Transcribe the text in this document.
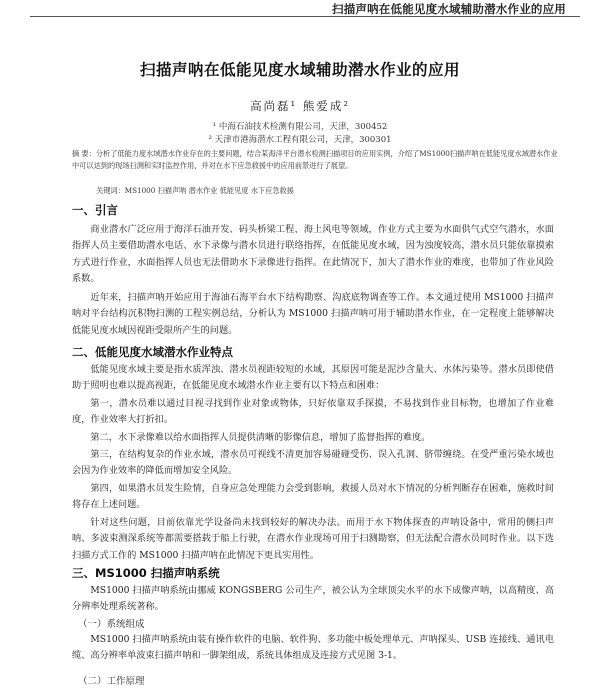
扫描声呐在低能见度水域辅助潜水作业的应用
扫描声呐在低能见度水域辅助潜水作业的应用
高尚磊¹ 熊爱成²
¹ 中海石油技术检测有限公司，天津，300452
² 天津市港海潜水工程有限公司，天津，300301
摘 要：分析了低能力度水域潜水作业存在的主要问题，结合某海洋平台潜水检测扫描项目的应用实例，介绍了MS1000扫描声呐在低能见度水域潜水作业中可以达到的现场扫测和实时监控作用，并对在水下应急救援中的应用前景进行了展望。
关键词：MS1000 扫描声呐 潜水作业 低能见度 水下应急救援
一、引言

商业潜水广泛应用于海洋石油开发、码头桥梁工程、海上风电等领域，作业方式主要为水面供气式空气潜水，水面指挥人员主要借助潜水电话、水下录像与潜水员进行联络指挥，在低能见度水域，因为浊度较高，潜水员只能依靠摸索方式进行作业，水面指挥人员也无法借助水下录像进行指挥。在此情况下，加大了潜水作业的难度，也带加了作业风险系数。

近年来，扫描声呐开始应用于海油石海平台水下结构勘察、沟底底物调查等工作。本文通过使用 MS1000 扫描声呐对平台结构沉积物扫测的工程实例总结，分析认为 MS1000 扫描声呐可用于辅助潜水作业，在一定程度上能够解决低能见度水域因视距受限所产生的问题。

二、低能见度水域潜水作业特点

低能见度水域主要是指水质浑浊、潜水员视距较短的水域，其原因可能是泥沙含量大、水体污染等。潜水员即使借助于照明也难以提高视距，在低能见度水域潜水作业主要有以下特点和困难：

第一，潜水员难以通过目视寻找到作业对象或物体，只好依靠双手探摸，不易找到作业目标物，也增加了作业难度，作业效率大打折扣。

第二，水下录像难以给水面指挥人员提供清晰的影像信息，增加了监督指挥的难度。

第三，在结构复杂的作业水域，潜水员可视线不清更加容易碰碰受伤、误入孔洞、脐带缠绕。在受严重污染水域也会因为作业效率的降低而增加安全风险。

第四，如果潜水员发生险情，自身应急处理能力会受到影响，救援人员对水下情况的分析判断存在困难，施救时间将存在上述问题。

针对这些问题，目前依靠光学设备尚未找到较好的解决办法。而用于水下物体探查的声呐设备中，常用的侧扫声呐、多波束测深系统等都需要搭载于船上行驶，在潜水作业现场可用于扫测勘察，但无法配合潜水员同时作业。以下选扫描方式工作的 MS1000 扫描声呐在此情况下更具实用性。

三、MS1000 扫描声呐系统

MS1000 扫描声呐系统由挪威 KONGSBERG 公司生产，被公认为全球顶尖水平的水下成像声呐，以高精度、高分辨率处理系统著称。

（一）系统组成

MS1000 扫描声呐系统由装有操作软件的电脑、软件狗、多功能中板处理单元、声呐探头、USB 连接线、通讯电缆、高分辨率单波束扫描声呐和一脚架组成，系统具体组成及连接方式见图 3-1。

（二）工作原理
